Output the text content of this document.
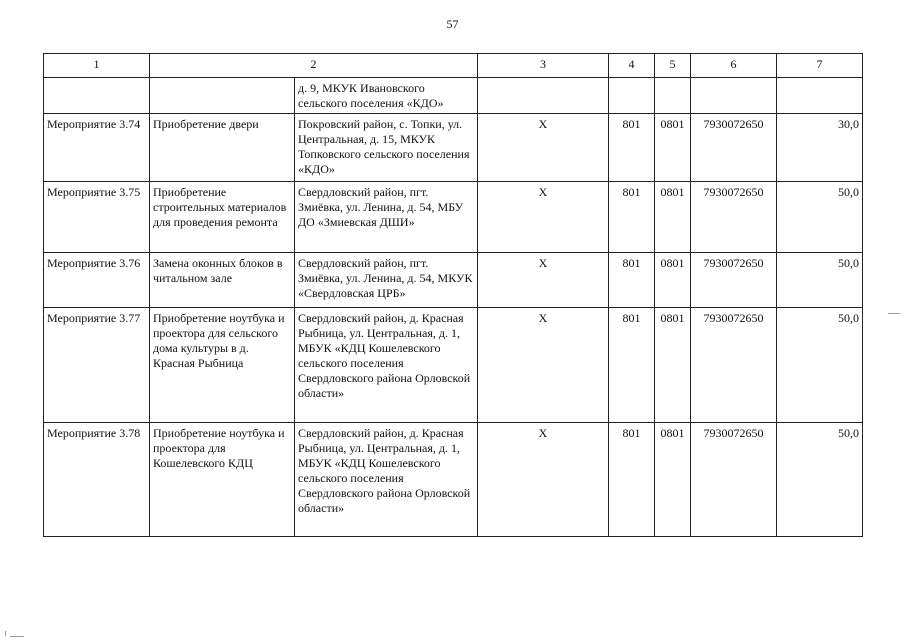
57
1	2		3	4	5	6	7
		д. 9, МКУК Ивановского сельского поселения «КДО»					
Мероприятие 3.74	Приобретение двери	Покровский район, с. Топки, ул. Центральная, д. 15, МКУК Топковского сельского поселения «КДО»	Х	801	0801	7930072650	30,0
Мероприятие 3.75	Приобретение строительных материалов для проведения ремонта	Свердловский район, пгт. Змиёвка, ул. Ленина, д. 54, МБУ ДО «Змиевская ДШИ»	Х	801	0801	7930072650	50,0
Мероприятие 3.76	Замена оконных блоков в читальном зале	Свердловский район, пгт. Змиёвка, ул. Ленина, д. 54, МКУК «Свердловская ЦРБ»	Х	801	0801	7930072650	50,0
Мероприятие 3.77	Приобретение ноутбука и проектора для сельского дома культуры в д. Красная Рыбница	Свердловский район, д. Красная Рыбница, ул. Центральная, д. 1, МБУК «КДЦ Кошелевского сельского поселения Свердловского района Орловской области»	Х	801	0801	7930072650	50,0
Мероприятие 3.78	Приобретение ноутбука и проектора для Кошелевского КДЦ	Свердловский район, д. Красная Рыбница, ул. Центральная, д. 1, МБУК «КДЦ Кошелевского сельского поселения Свердловского района Орловской области»	Х	801	0801	7930072650	50,0
